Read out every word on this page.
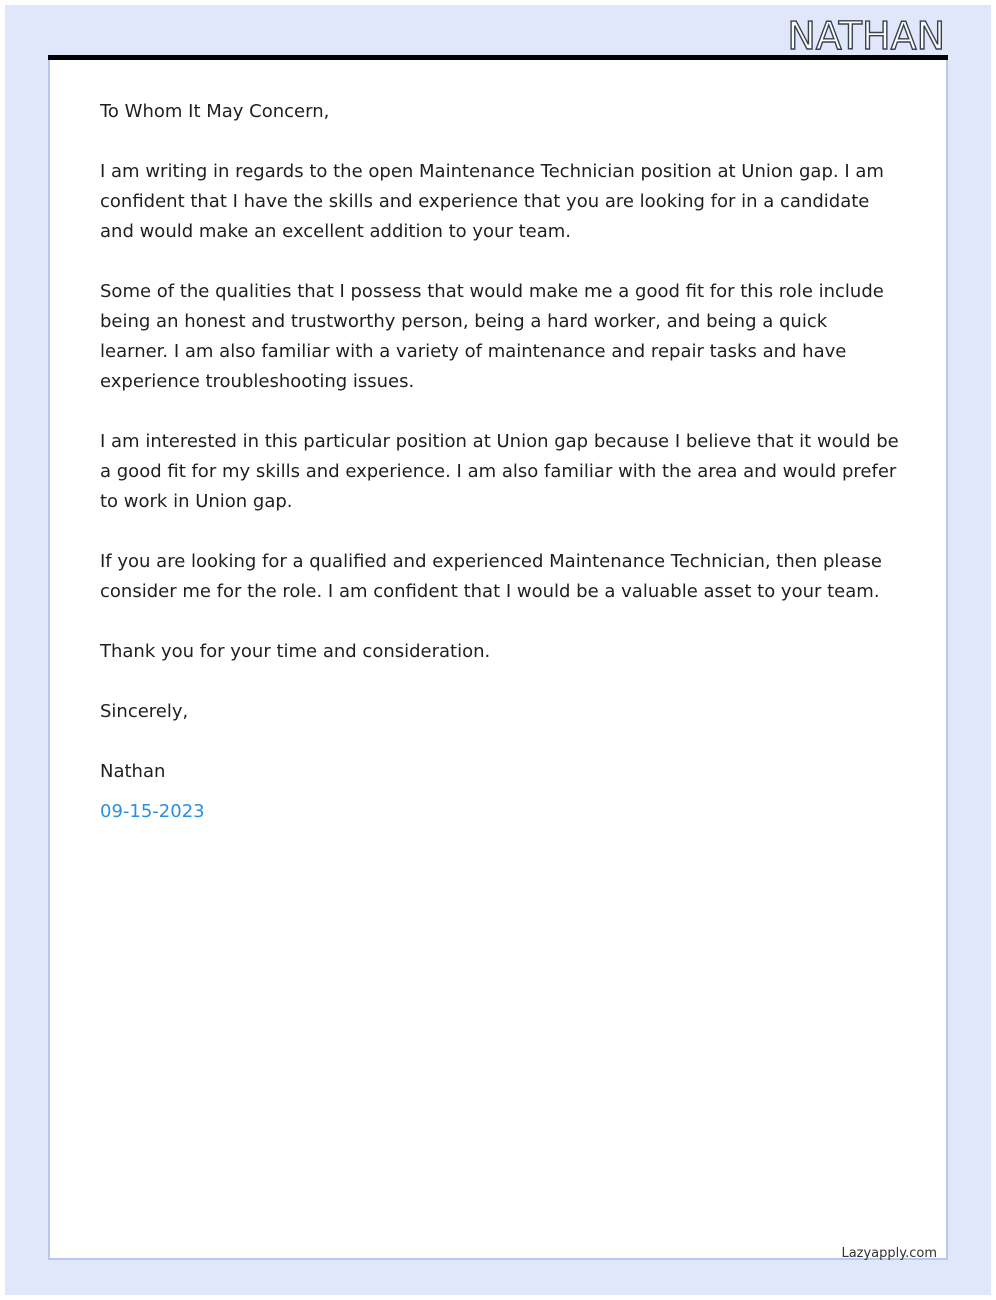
NATHAN

To Whom It May Concern,

I am writing in regards to the open Maintenance Technician position at Union gap. I am confident that I have the skills and experience that you are looking for in a candidate and would make an excellent addition to your team.

Some of the qualities that I possess that would make me a good fit for this role include being an honest and trustworthy person, being a hard worker, and being a quick learner. I am also familiar with a variety of maintenance and repair tasks and have experience troubleshooting issues.

I am interested in this particular position at Union gap because I believe that it would be a good fit for my skills and experience. I am also familiar with the area and would prefer to work in Union gap.

If you are looking for a qualified and experienced Maintenance Technician, then please consider me for the role. I am confident that I would be a valuable asset to your team.

Thank you for your time and consideration.

Sincerely,

Nathan

09-15-2023

Lazyapply.com
